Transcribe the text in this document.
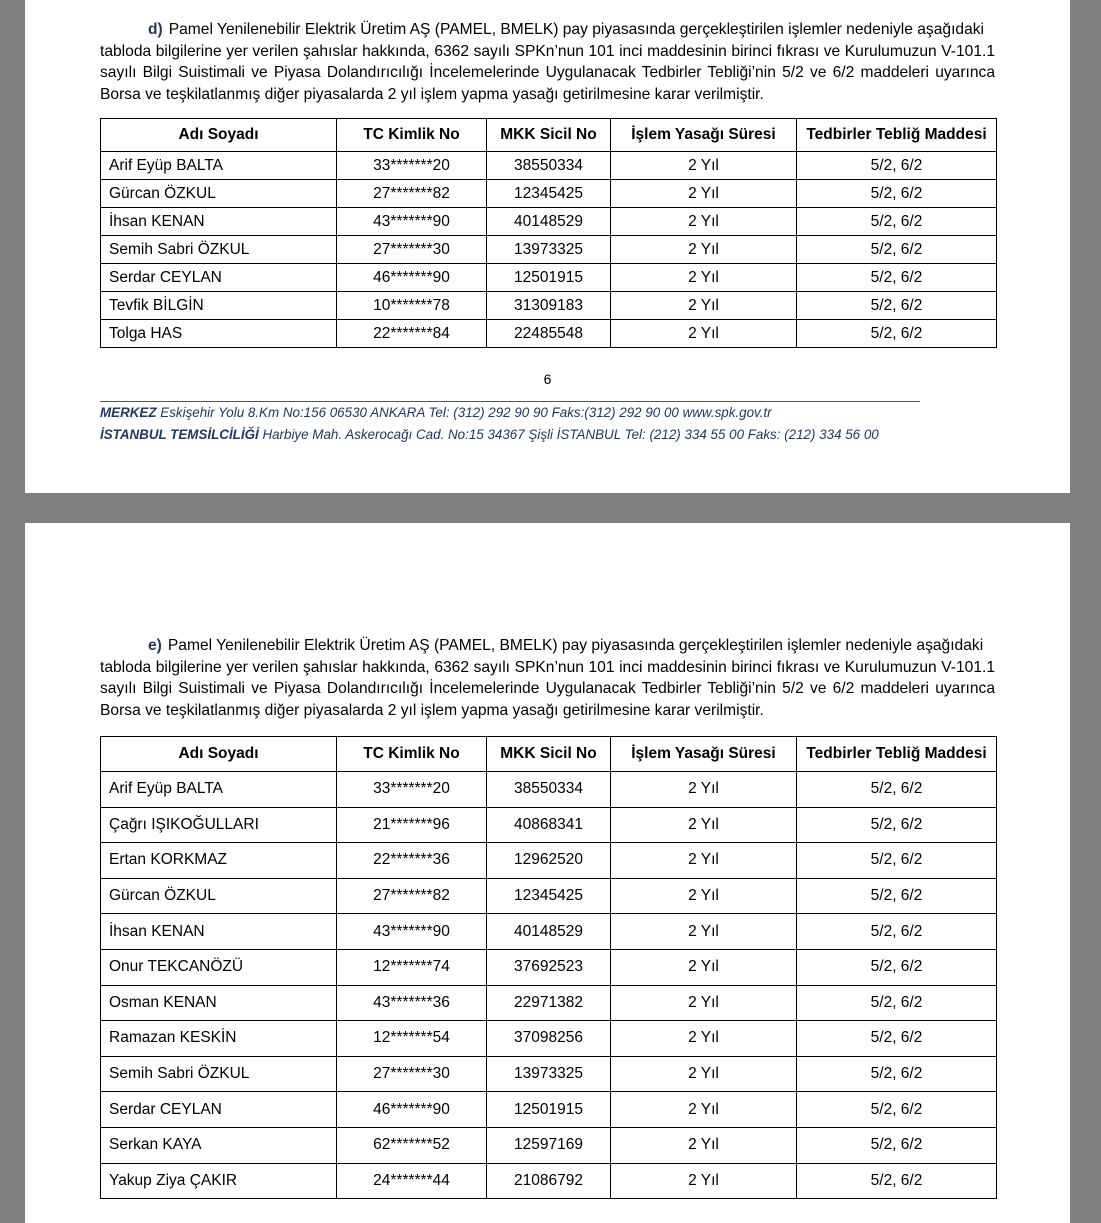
d) Pamel Yenilenebilir Elektrik Üretim AŞ (PAMEL, BMELK) pay piyasasında gerçekleştirilen işlemler nedeniyle aşağıdaki
tabloda bilgilerine yer verilen şahıslar hakkında, 6362 sayılı SPKn’nun 101 inci maddesinin birinci fıkrası ve Kurulumuzun V-101.1 sayılı Bilgi Suistimali ve Piyasa Dolandırıcılığı İncelemelerinde Uygulanacak Tedbirler Tebliği’nin 5/2 ve 6/2 maddeleri uyarınca Borsa ve teşkilatlanmış diğer piyasalarda 2 yıl işlem yapma yasağı getirilmesine karar verilmiştir.
Adı Soyadı	TC Kimlik No	MKK Sicil No	İşlem Yasağı Süresi	Tedbirler Tebliğ Maddesi
Arif Eyüp BALTA	33*******20	38550334	2 Yıl	5/2, 6/2
Gürcan ÖZKUL	27*******82	12345425	2 Yıl	5/2, 6/2
İhsan KENAN	43*******90	40148529	2 Yıl	5/2, 6/2
Semih Sabri ÖZKUL	27*******30	13973325	2 Yıl	5/2, 6/2
Serdar CEYLAN	46*******90	12501915	2 Yıl	5/2, 6/2
Tevfik BİLGİN	10*******78	31309183	2 Yıl	5/2, 6/2
Tolga HAS	22*******84	22485548	2 Yıl	5/2, 6/2
6
MERKEZ Eskişehir Yolu 8.Km No:156 06530 ANKARA Tel: (312) 292 90 90 Faks:(312) 292 90 00 www.spk.gov.tr
İSTANBUL TEMSİLCİLİĞİ Harbiye Mah. Askerocağı Cad. No:15 34367 Şişli İSTANBUL Tel: (212) 334 55 00 Faks: (212) 334 56 00
e) Pamel Yenilenebilir Elektrik Üretim AŞ (PAMEL, BMELK) pay piyasasında gerçekleştirilen işlemler nedeniyle aşağıdaki
tabloda bilgilerine yer verilen şahıslar hakkında, 6362 sayılı SPKn’nun 101 inci maddesinin birinci fıkrası ve Kurulumuzun V-101.1 sayılı Bilgi Suistimali ve Piyasa Dolandırıcılığı İncelemelerinde Uygulanacak Tedbirler Tebliği’nin 5/2 ve 6/2 maddeleri uyarınca Borsa ve teşkilatlanmış diğer piyasalarda 2 yıl işlem yapma yasağı getirilmesine karar verilmiştir.
Adı Soyadı	TC Kimlik No	MKK Sicil No	İşlem Yasağı Süresi	Tedbirler Tebliğ Maddesi
Arif Eyüp BALTA	33*******20	38550334	2 Yıl	5/2, 6/2
Çağrı IŞIKOĞULLARI	21*******96	40868341	2 Yıl	5/2, 6/2
Ertan KORKMAZ	22*******36	12962520	2 Yıl	5/2, 6/2
Gürcan ÖZKUL	27*******82	12345425	2 Yıl	5/2, 6/2
İhsan KENAN	43*******90	40148529	2 Yıl	5/2, 6/2
Onur TEKCANÖZÜ	12*******74	37692523	2 Yıl	5/2, 6/2
Osman KENAN	43*******36	22971382	2 Yıl	5/2, 6/2
Ramazan KESKİN	12*******54	37098256	2 Yıl	5/2, 6/2
Semih Sabri ÖZKUL	27*******30	13973325	2 Yıl	5/2, 6/2
Serdar CEYLAN	46*******90	12501915	2 Yıl	5/2, 6/2
Serkan KAYA	62*******52	12597169	2 Yıl	5/2, 6/2
Yakup Ziya ÇAKIR	24*******44	21086792	2 Yıl	5/2, 6/2
